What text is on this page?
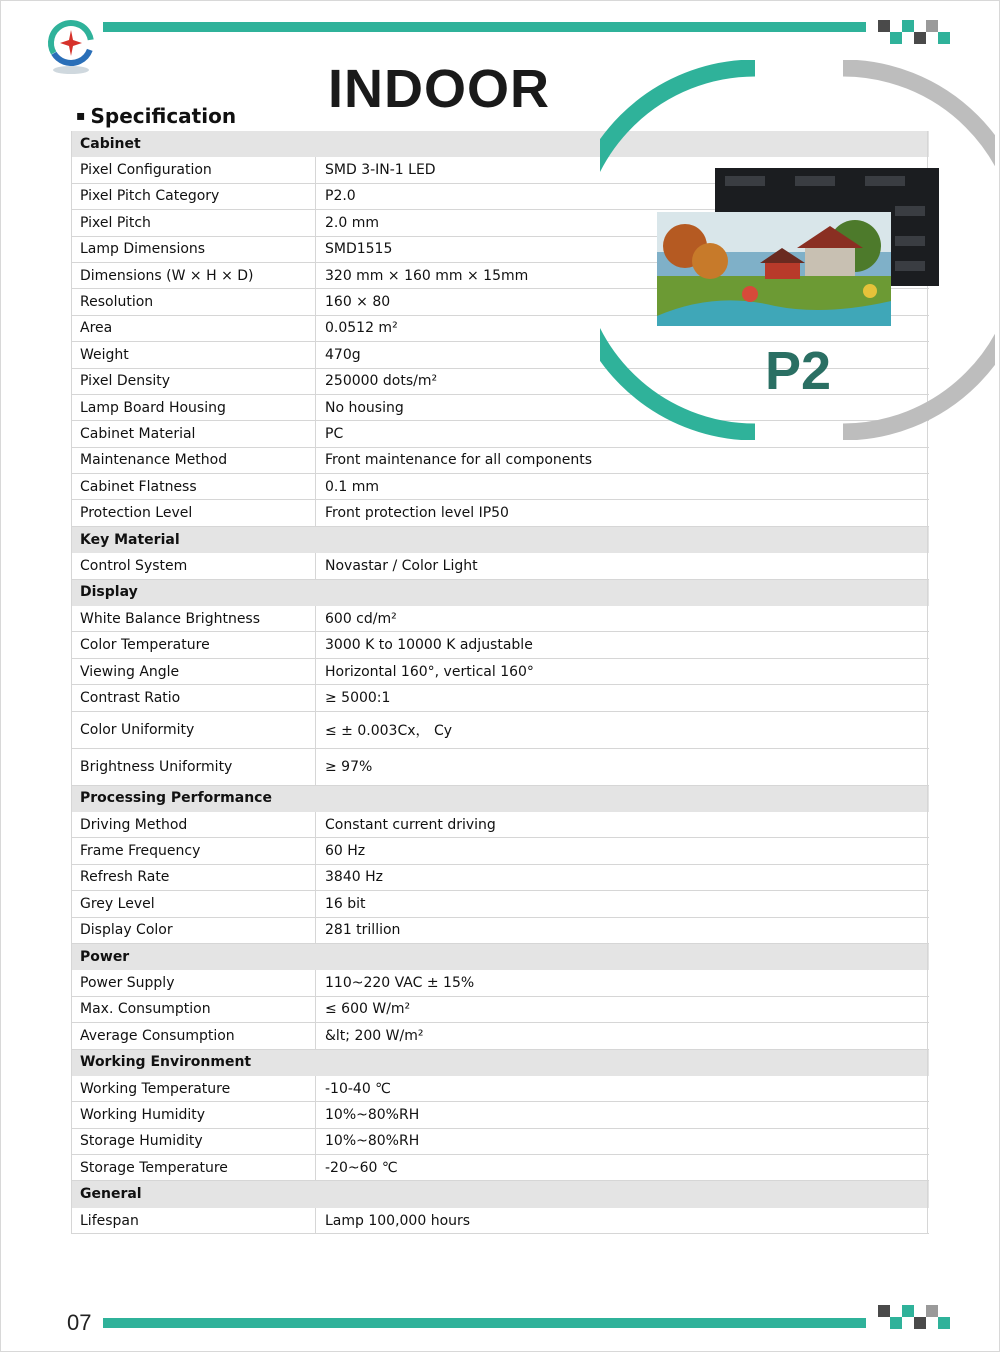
INDOOR
▪ Specification
Cabinet
Pixel Configuration	SMD 3-IN-1 LED
Pixel Pitch Category	P2.0
Pixel Pitch	2.0 mm
Lamp Dimensions	SMD1515
Dimensions (W × H × D)	320 mm × 160 mm × 15mm
Resolution	160 × 80
Area	0.0512 m²
Weight	470g
Pixel Density	250000 dots/m²
Lamp Board Housing	No housing
Cabinet Material	PC
Maintenance Method	Front maintenance for all components
Cabinet Flatness	0.1 mm
Protection Level	Front protection level IP50
Key Material
Control System	Novastar / Color Light
Display
White Balance Brightness	600 cd/m²
Color Temperature	3000 K to 10000 K adjustable
Viewing Angle	Horizontal 160°, vertical 160°
Contrast Ratio	≥ 5000:1
Color Uniformity	≤ ± 0.003Cx， Cy
Brightness Uniformity	≥ 97%
Processing Performance
Driving Method	Constant current driving
Frame Frequency	60 Hz
Refresh Rate	3840 Hz
Grey Level	16 bit
Display Color	281 trillion
Power
Power Supply	110~220 VAC ± 15%
Max. Consumption	≤ 600 W/m²
Average Consumption	&lt; 200 W/m²
Working Environment
Working Temperature	-10-40 ℃
Working Humidity	10%~80%RH
Storage Humidity	10%~80%RH
Storage Temperature	-20~60 ℃
General
Lifespan	Lamp 100,000 hours
P2
07
